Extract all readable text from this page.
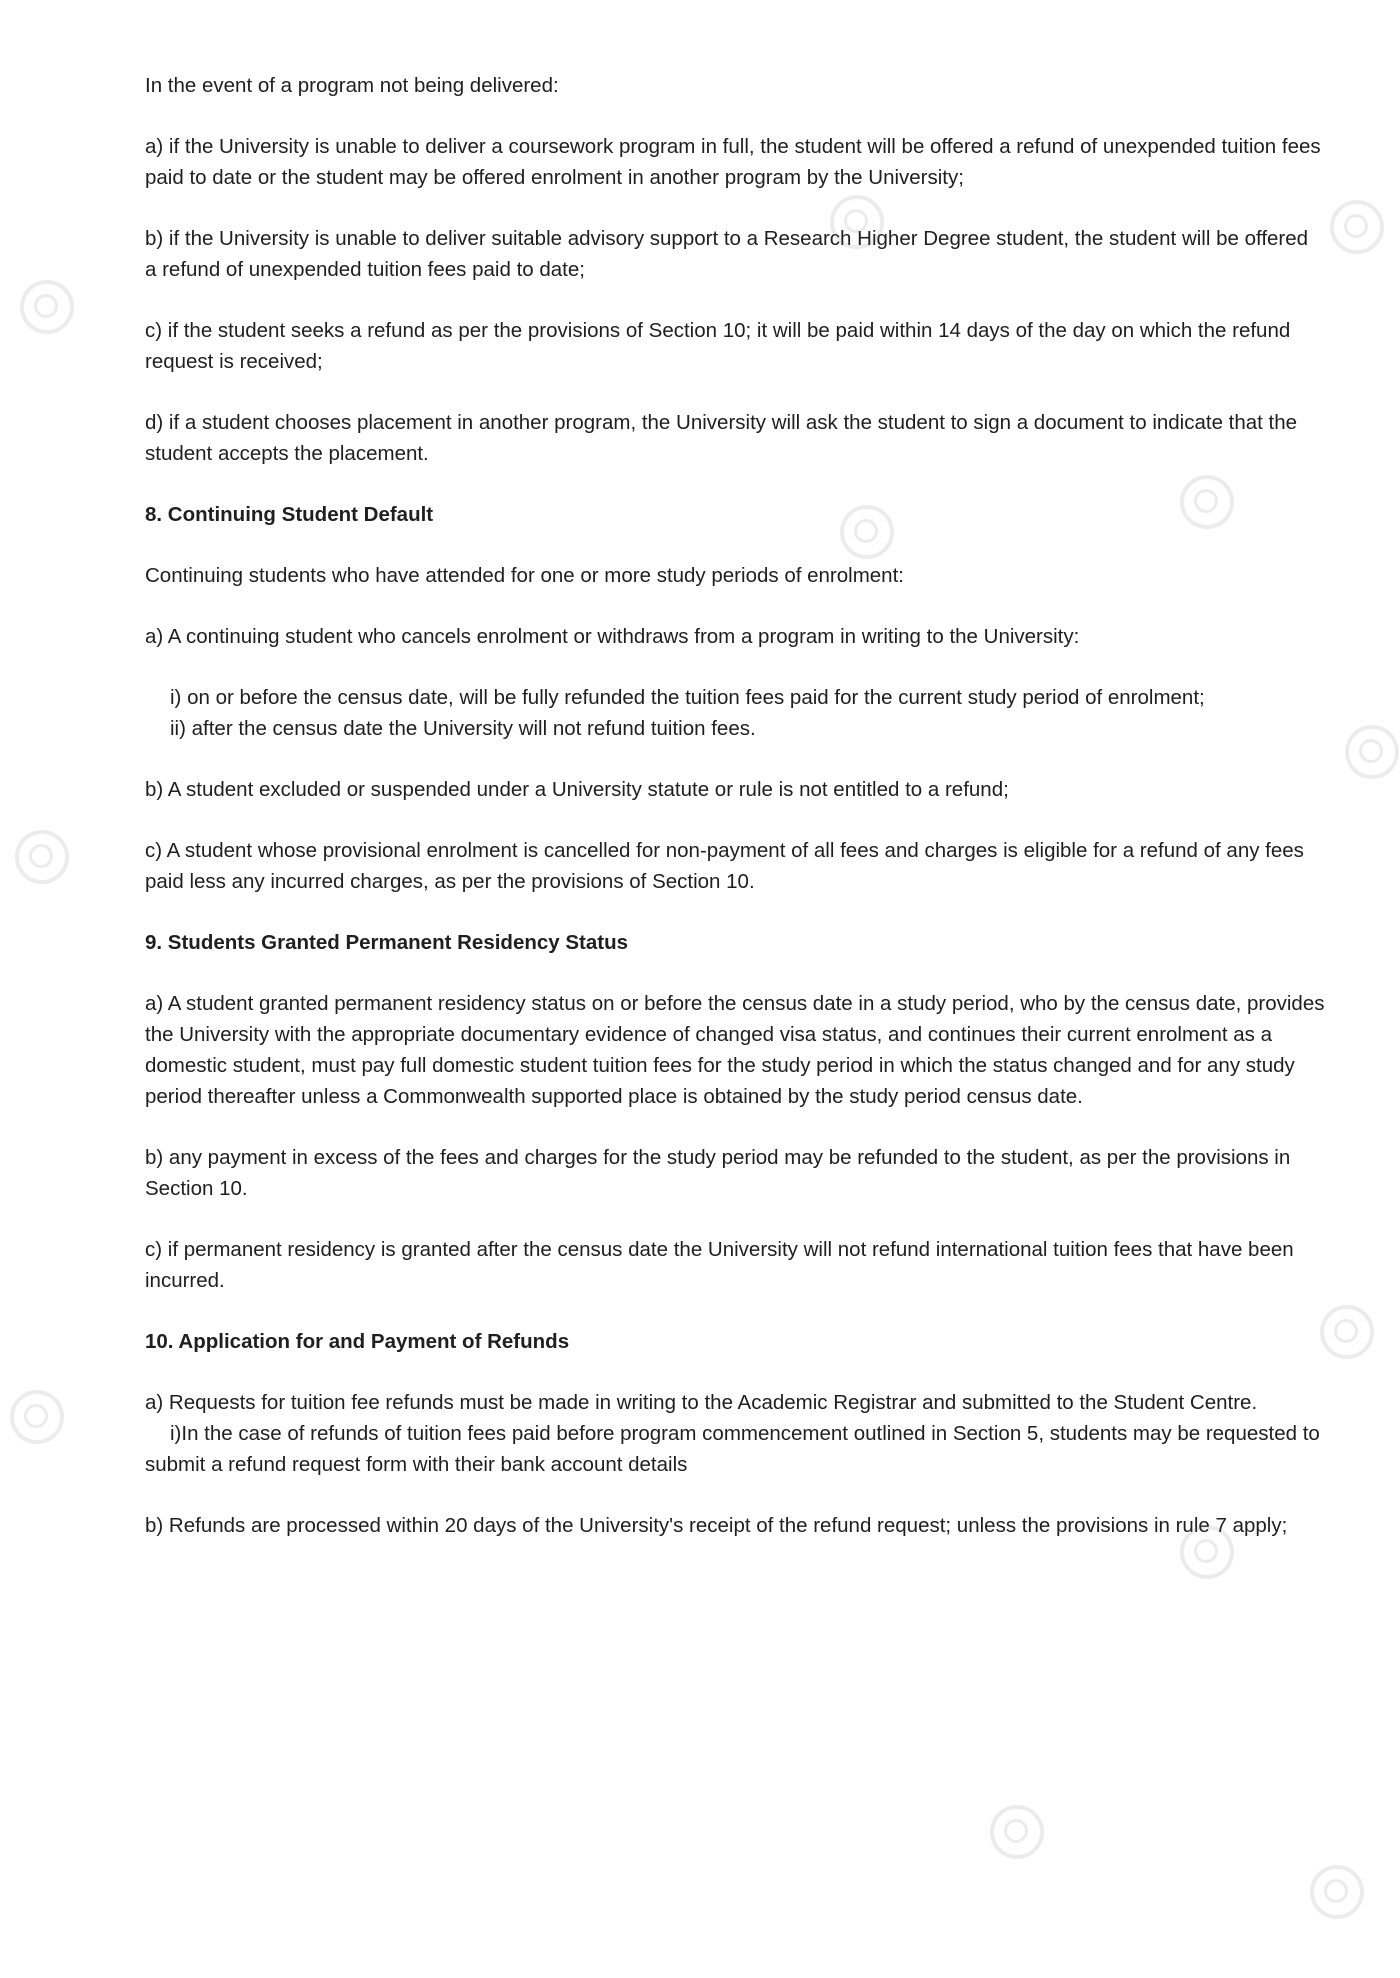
In the event of a program not being delivered:

a) if the University is unable to deliver a coursework program in full, the student will be offered a refund of unexpended tuition fees paid to date or the student may be offered enrolment in another program by the University;

b) if the University is unable to deliver suitable advisory support to a Research Higher Degree student, the student will be offered a refund of unexpended tuition fees paid to date;

c) if the student seeks a refund as per the provisions of Section 10; it will be paid within 14 days of the day on which the refund request is received;

d) if a student chooses placement in another program, the University will ask the student to sign a document to indicate that the student accepts the placement.

8. Continuing Student Default

Continuing students who have attended for one or more study periods of enrolment:

a) A continuing student who cancels enrolment or withdraws from a program in writing to the University:

i) on or before the census date, will be fully refunded the tuition fees paid for the current study period of enrolment;

ii) after the census date the University will not refund tuition fees.

b) A student excluded or suspended under a University statute or rule is not entitled to a refund;

c) A student whose provisional enrolment is cancelled for non-payment of all fees and charges is eligible for a refund of any fees paid less any incurred charges, as per the provisions of Section 10.

9. Students Granted Permanent Residency Status

a) A student granted permanent residency status on or before the census date in a study period, who by the census date, provides the University with the appropriate documentary evidence of changed visa status, and continues their current enrolment as a domestic student, must pay full domestic student tuition fees for the study period in which the status changed and for any study period thereafter unless a Commonwealth supported place is obtained by the study period census date.

b) any payment in excess of the fees and charges for the study period may be refunded to the student, as per the provisions in Section 10.

c) if permanent residency is granted after the census date the University will not refund international tuition fees that have been incurred.

10. Application for and Payment of Refunds

a) Requests for tuition fee refunds must be made in writing to the Academic Registrar and submitted to the Student Centre.

i)In the case of refunds of tuition fees paid before program commencement outlined in Section 5, students may be requested to submit a refund request form with their bank account details

b) Refunds are processed within 20 days of the University's receipt of the refund request; unless the provisions in rule 7 apply;
